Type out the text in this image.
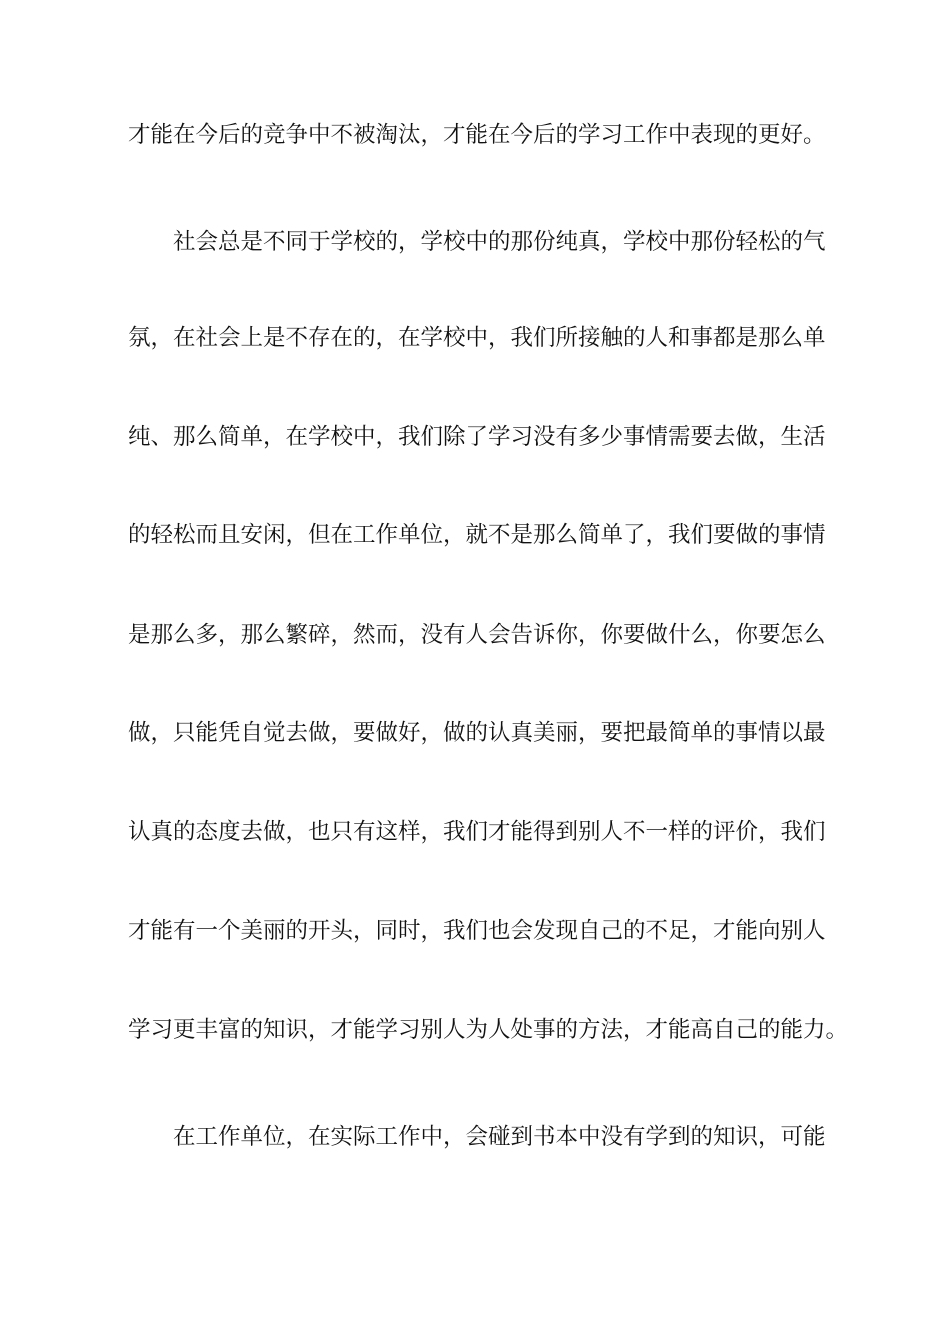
才能在今后的竞争中不被淘汰，才能在今后的学习工作中表现的更好。
社会总是不同于学校的，学校中的那份纯真，学校中那份轻松的气
氛，在社会上是不存在的，在学校中，我们所接触的人和事都是那么单
纯、那么简单，在学校中，我们除了学习没有多少事情需要去做，生活
的轻松而且安闲，但在工作单位，就不是那么简单了，我们要做的事情
是那么多，那么繁碎，然而，没有人会告诉你，你要做什么，你要怎么
做，只能凭自觉去做，要做好，做的认真美丽，要把最简单的事情以最
认真的态度去做，也只有这样，我们才能得到别人不一样的评价，我们
才能有一个美丽的开头，同时，我们也会发现自己的不足，才能向别人
学习更丰富的知识，才能学习别人为人处事的方法，才能高自己的能力。
在工作单位，在实际工作中，会碰到书本中没有学到的知识，可能
